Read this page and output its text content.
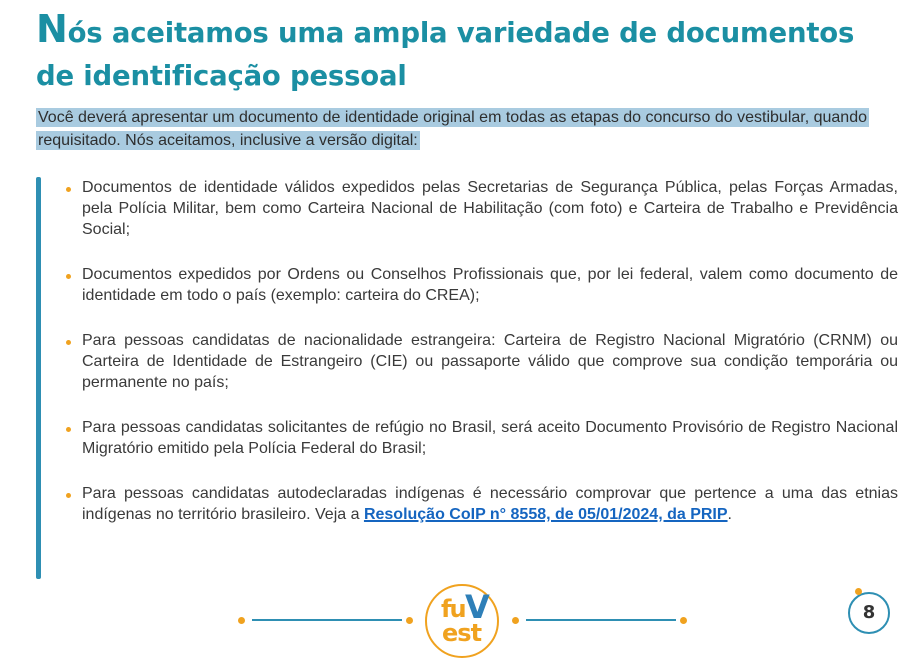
Nós aceitamos uma ampla variedade de documentos de identificação pessoal

Você deverá apresentar um documento de identidade original em todas as etapas do concurso do vestibular, quando requisitado. Nós aceitamos, inclusive a versão digital:

Documentos de identidade válidos expedidos pelas Secretarias de Segurança Pública, pelas Forças Armadas, pela Polícia Militar, bem como Carteira Nacional de Habilitação (com foto) e Carteira de Trabalho e Previdência Social;
Documentos expedidos por Ordens ou Conselhos Profissionais que, por lei federal, valem como documento de identidade em todo o país (exemplo: carteira do CREA);
Para pessoas candidatas de nacionalidade estrangeira: Carteira de Registro Nacional Migratório (CRNM) ou Carteira de Identidade de Estrangeiro (CIE) ou passaporte válido que comprove sua condição temporária ou permanente no país;
Para pessoas candidatas solicitantes de refúgio no Brasil, será aceito Documento Provisório de Registro Nacional Migratório emitido pela Polícia Federal do Brasil;
Para pessoas candidatas autodeclaradas indígenas é necessário comprovar que pertence a uma das etnias indígenas no território brasileiro. Veja a Resolução CoIP n° 8558, de 05/01/2024, da PRIP.
fu V
est
8
